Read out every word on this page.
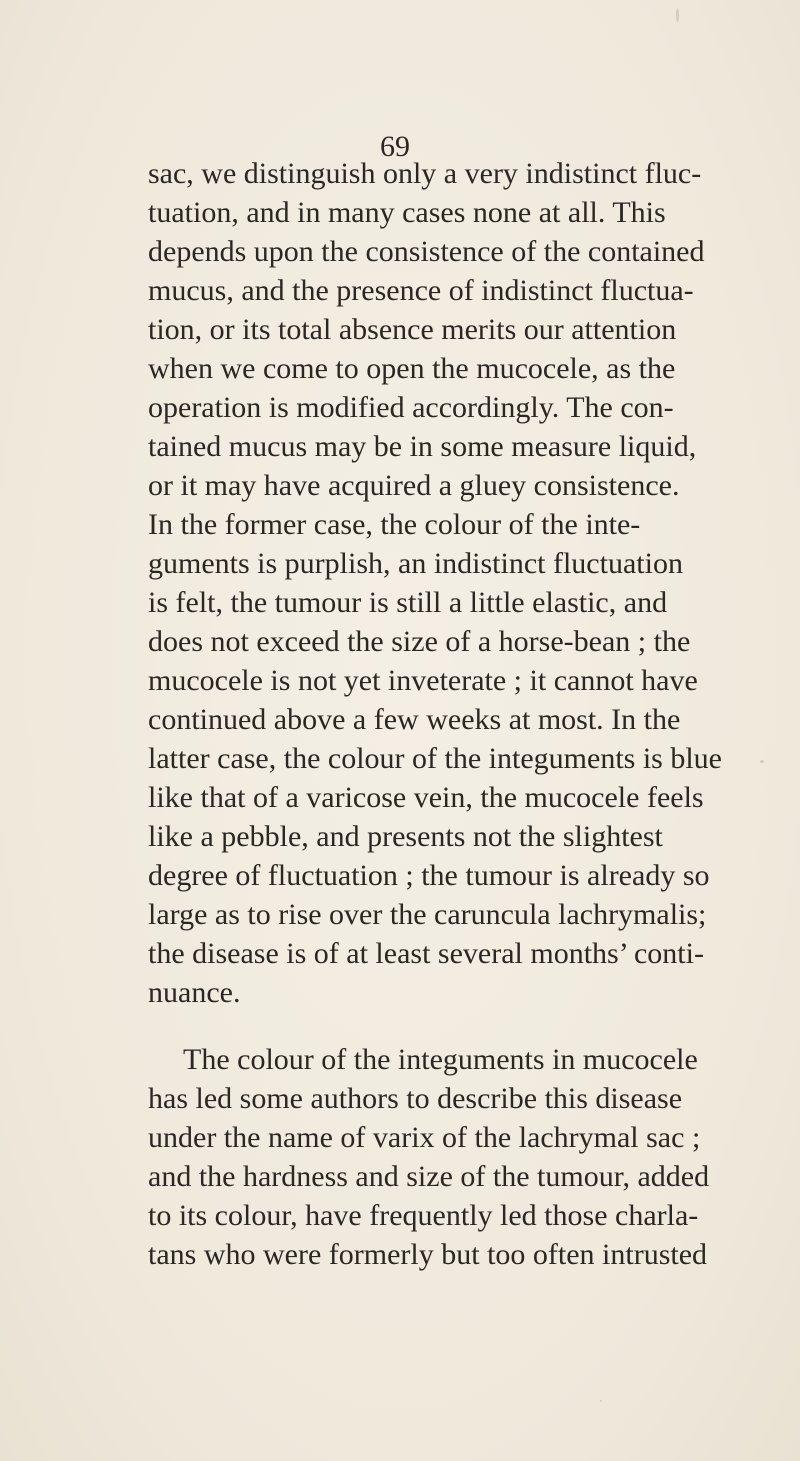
69
sac, we distinguish only a very indistinct fluc-
tuation, and in many cases none at all. This
depends upon the consistence of the contained
mucus, and the presence of indistinct fluctua-
tion, or its total absence merits our attention
when we come to open the mucocele, as the
operation is modified accordingly. The con-
tained mucus may be in some measure liquid,
or it may have acquired a gluey consistence.
In the former case, the colour of the inte-
guments is purplish, an indistinct fluctuation
is felt, the tumour is still a little elastic, and
does not exceed the size of a horse-bean ; the
mucocele is not yet inveterate ; it cannot have
continued above a few weeks at most. In the
latter case, the colour of the integuments is blue
like that of a varicose vein, the mucocele feels
like a pebble, and presents not the slightest
degree of fluctuation ; the tumour is already so
large as to rise over the caruncula lachrymalis;
the disease is of at least several months’ conti-
nuance.
The colour of the integuments in mucocele
has led some authors to describe this disease
under the name of varix of the lachrymal sac ;
and the hardness and size of the tumour, added
to its colour, have frequently led those charla-
tans who were formerly but too often intrusted
